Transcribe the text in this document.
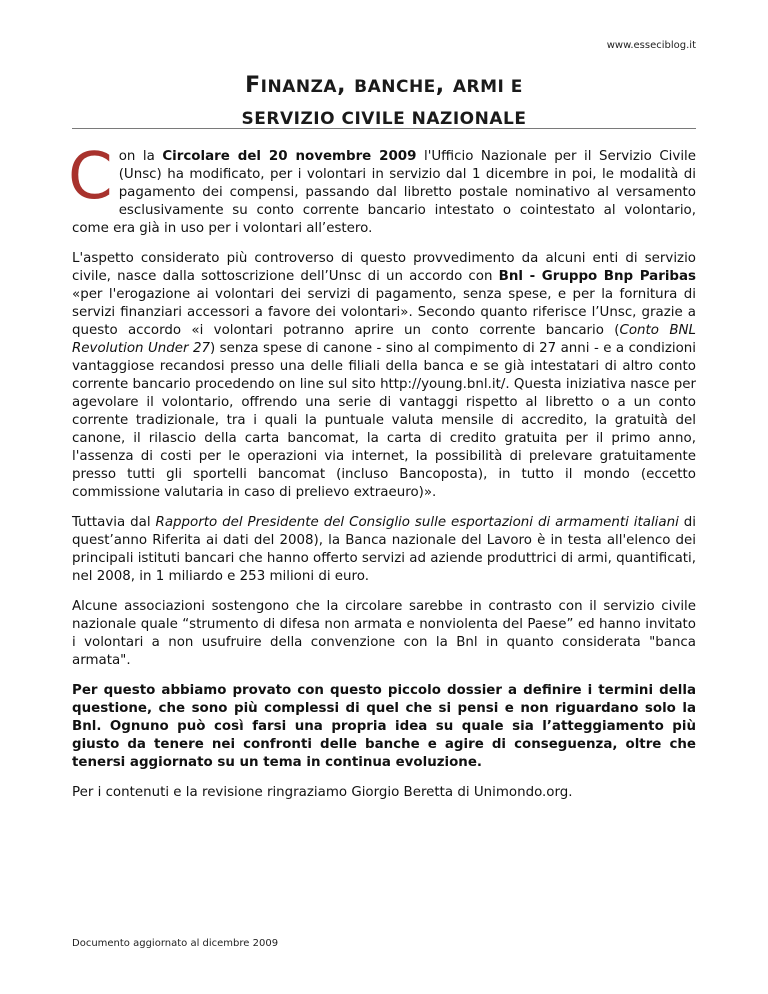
www.esseciblog.it
FINANZA, BANCHE, ARMI E
SERVIZIO CIVILE NAZIONALE

Con la Circolare del 20 novembre 2009 l'Ufficio Nazionale per il Servizio Civile (Unsc) ha modificato, per i volontari in servizio dal 1 dicembre in poi, le modalità di pagamento dei compensi, passando dal libretto postale nominativo al versamento esclusivamente su conto corrente bancario intestato o cointestato al volontario, come era già in uso per i volontari all’estero.

L'aspetto considerato più controverso di questo provvedimento da alcuni enti di servizio civile, nasce dalla sottoscrizione dell’Unsc di un accordo con Bnl - Gruppo Bnp Paribas «per l'erogazione ai volontari dei servizi di pagamento, senza spese, e per la fornitura di servizi finanziari accessori a favore dei volontari». Secondo quanto riferisce l’Unsc, grazie a questo accordo «i volontari potranno aprire un conto corrente bancario (Conto BNL Revolution Under 27) senza spese di canone - sino al compimento di 27 anni - e a condizioni vantaggiose recandosi presso una delle filiali della banca e se già intestatari di altro conto corrente bancario procedendo on line sul sito http://young.bnl.it/. Questa iniziativa nasce per agevolare il volontario, offrendo una serie di vantaggi rispetto al libretto o a un conto corrente tradizionale, tra i quali la puntuale valuta mensile di accredito, la gratuità del canone, il rilascio della carta bancomat, la carta di credito gratuita per il primo anno, l'assenza di costi per le operazioni via internet, la possibilità di prelevare gratuitamente presso tutti gli sportelli bancomat (incluso Bancoposta), in tutto il mondo (eccetto commissione valutaria in caso di prelievo extraeuro)».

Tuttavia dal Rapporto del Presidente del Consiglio sulle esportazioni di armamenti italiani di quest’anno Riferita ai dati del 2008), la Banca nazionale del Lavoro è in testa all'elenco dei principali istituti bancari che hanno offerto servizi ad aziende produttrici di armi, quantificati, nel 2008, in 1 miliardo e 253 milioni di euro.

Alcune associazioni sostengono che la circolare sarebbe in contrasto con il servizio civile nazionale quale “strumento di difesa non armata e nonviolenta del Paese” ed hanno invitato i volontari a non usufruire della convenzione con la Bnl in quanto considerata "banca armata".

Per questo abbiamo provato con questo piccolo dossier a definire i termini della questione, che sono più complessi di quel che si pensi e non riguardano solo la Bnl. Ognuno può così farsi una propria idea su quale sia l’atteggiamento più giusto da tenere nei confronti delle banche e agire di conseguenza, oltre che tenersi aggiornato su un tema in continua evoluzione.

Per i contenuti e la revisione ringraziamo Giorgio Beretta di Unimondo.org.

Documento aggiornato al dicembre 2009
